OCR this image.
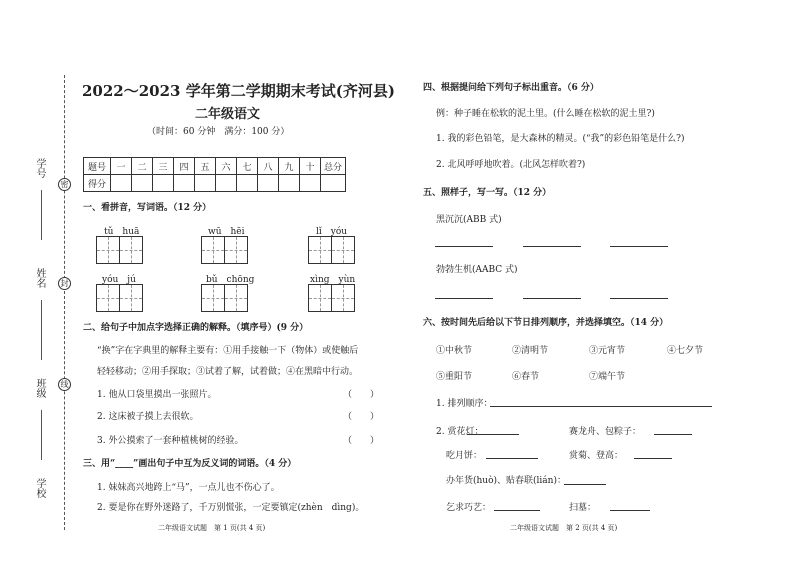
学号
密
姓名	封
班级	线
学校
2022～2023 学年第二学期期末考试(齐河县)
二年级语文
（时间：60 分钟　满分：100 分）
题号	一	二	三	四	五	六	七	八	九	十	总分
得分											
一、看拼音，写词语。（12 分）
tǔ　huā	wū　hēi	lǐ　yóu
yóu　jú	bǔ　chōng	xìng　yùn
二、给句子中加点字选择正确的解释。（填序号）(9 分）
“换”字在字典里的解释主要有：①用手接触一下（物体）或使触后
轻轻移动；②用手探取；③试着了解，试着做；④在黑暗中行动。
1. 他从口袋里摸出一张照片。	（　　）
2. 这床被子摸上去很软。	（　　）
3. 外公摸索了一套种植桃树的经验。	（　　）
三、用“____”画出句子中互为反义词的词语。（4 分）
1. 妹妹高兴地跨上“马”，一点儿也不伤心了。
2. 要是你在野外迷路了，千万别慌张，一定要镇定(zhèn　dìng)。
二年级语文试题　第 1 页(共 4 页)
四、根据提问给下列句子标出重音。（6 分）
例：种子睡在松软的泥土里。(什么睡在松软的泥土里?)
1. 我的彩色铅笔，是大森林的精灵。(“我”的彩色铅笔是什么?)
2. 北风呼呼地吹着。(北风怎样吹着?)
五、照样子，写一写。（12 分）
黑沉沉(ABB 式)
勃勃生机(AABC 式)
六、按时间先后给以下节日排列顺序，并选择填空。（14 分）
①中秋节	②清明节	③元宵节	④七夕节
⑤重阳节	⑥春节	⑦端午节
1. 排列顺序：
2. 赏花灯：	赛龙舟、包粽子：
吃月饼：	赏菊、登高：
办年货(huò)、贴春联(lián)：
乞求巧艺：	扫墓：
二年级语文试题　第 2 页(共 4 页)
